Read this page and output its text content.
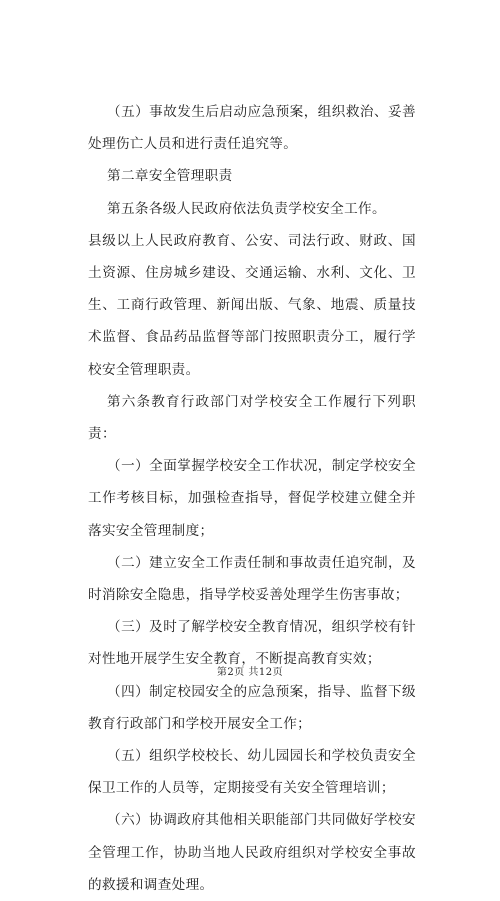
（五）事故发生后启动应急预案，组织救治、妥善处理伤亡人员和进行责任追究等。

第二章安全管理职责

第五条各级人民政府依法负责学校安全工作。

县级以上人民政府教育、公安、司法行政、财政、国土资源、住房城乡建设、交通运输、水利、文化、卫生、工商行政管理、新闻出版、气象、地震、质量技术监督、食品药品监督等部门按照职责分工，履行学校安全管理职责。

第六条教育行政部门对学校安全工作履行下列职责：

（一）全面掌握学校安全工作状况，制定学校安全工作考核目标，加强检查指导，督促学校建立健全并落实安全管理制度；

（二）建立安全工作责任制和事故责任追究制，及时消除安全隐患，指导学校妥善处理学生伤害事故；

（三）及时了解学校安全教育情况，组织学校有针对性地开展学生安全教育，不断提高教育实效；

（四）制定校园安全的应急预案，指导、监督下级教育行政部门和学校开展安全工作；

（五）组织学校校长、幼儿园园长和学校负责安全保卫工作的人员等，定期接受有关安全管理培训；

（六）协调政府其他相关职能部门共同做好学校安全管理工作，协助当地人民政府组织对学校安全事故的救援和调查处理。

第2页 共12页
